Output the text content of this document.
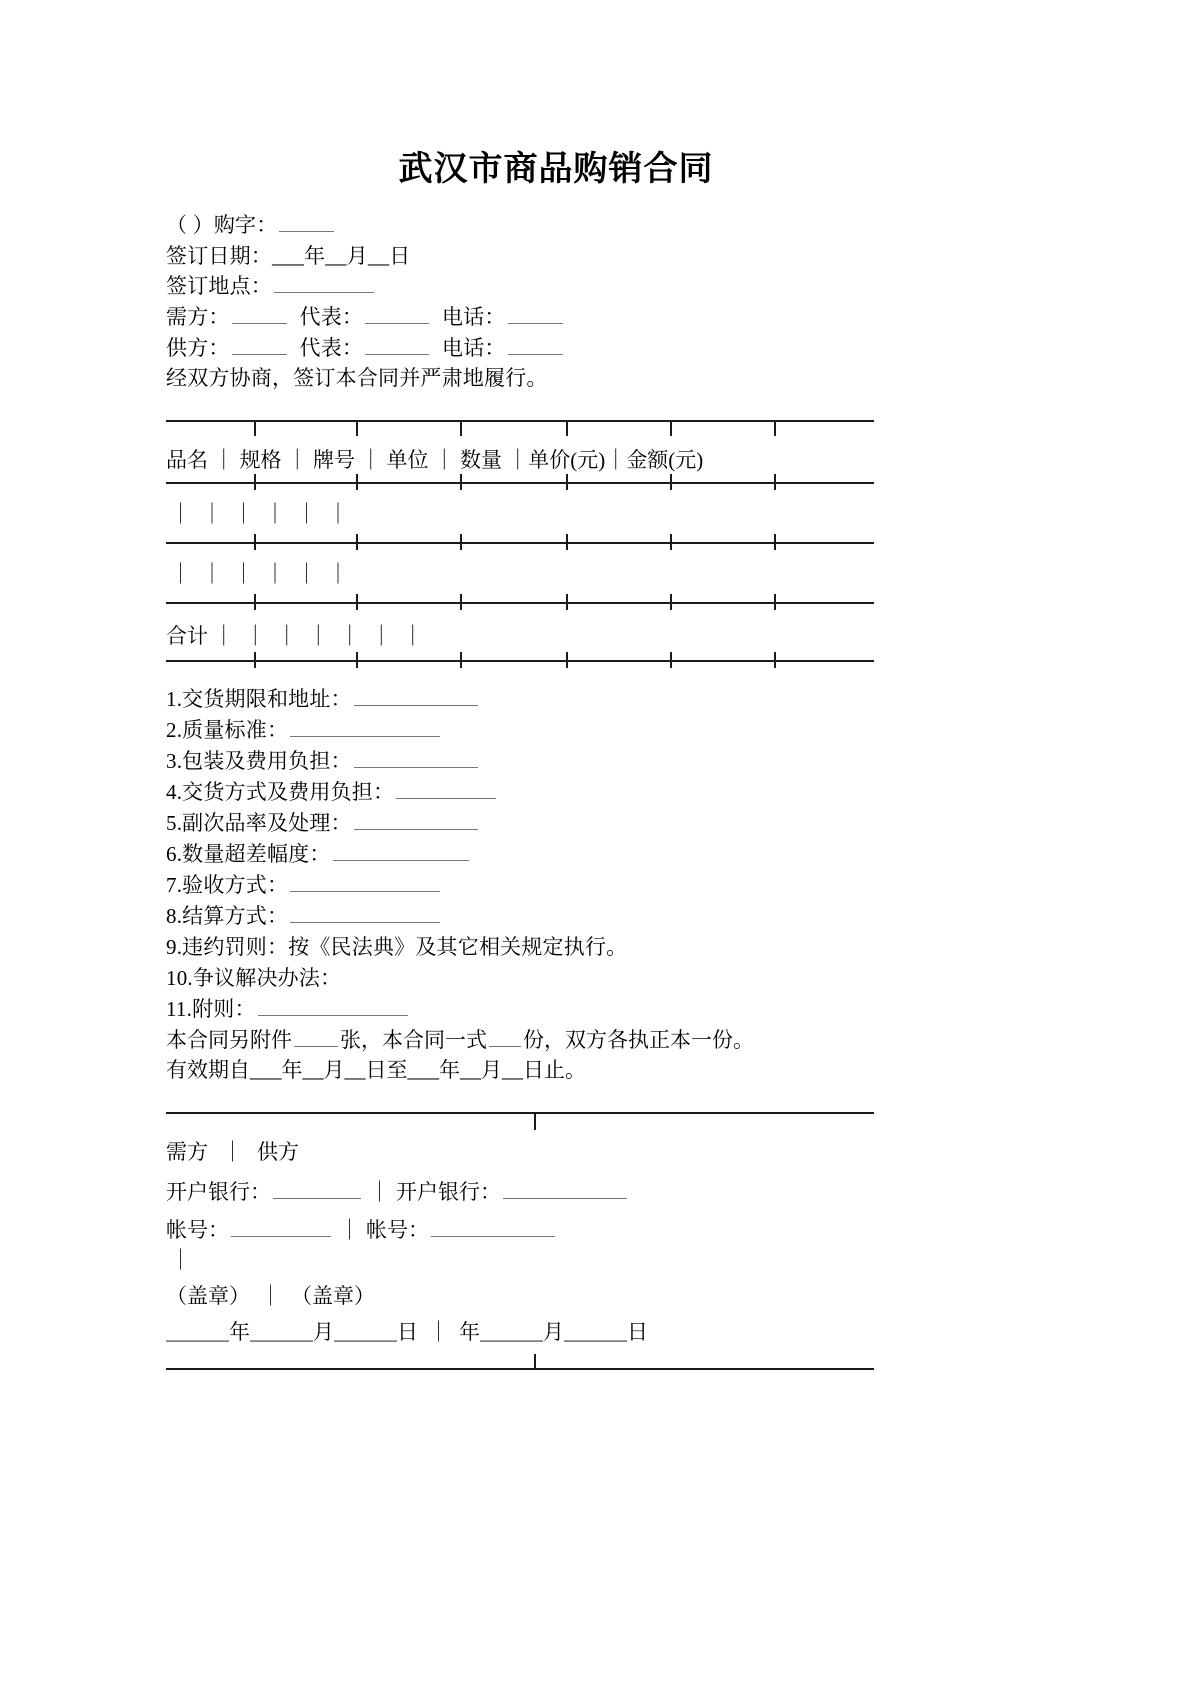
武汉市商品购销合同
（ ）购字：
签订日期：___年__月__日
签订地点：
需方：	代表：	电话：
供方：	代表：	电话：
经双方协商，签订本合同并严肃地履行。
品名 ｜ 规格 ｜ 牌号 ｜ 单位 ｜ 数量 ｜单价(元)｜金额(元)
｜  ｜  ｜  ｜  ｜  ｜
｜  ｜  ｜  ｜  ｜  ｜
合计 ｜  ｜  ｜  ｜  ｜  ｜  ｜
1.交货期限和地址：
2.质量标准：
3.包装及费用负担：
4.交货方式及费用负担：
5.副次品率及处理：
6.数量超差幅度：
7.验收方式：
8.结算方式：
9.违约罚则：按《民法典》及其它相关规定执行。
10.争议解决办法：
11.附则：
本合同另附件 张，本合同一式 份，双方各执正本一份。
有效期自___年__月__日至___年__月__日止。
需方 ｜ 供方
开户银行：	｜ 开户银行：
帐号：	｜ 帐号：
｜
（盖章） ｜ （盖章）
＿＿＿年＿＿＿月＿＿＿日 ｜ 年＿＿＿月＿＿＿日
